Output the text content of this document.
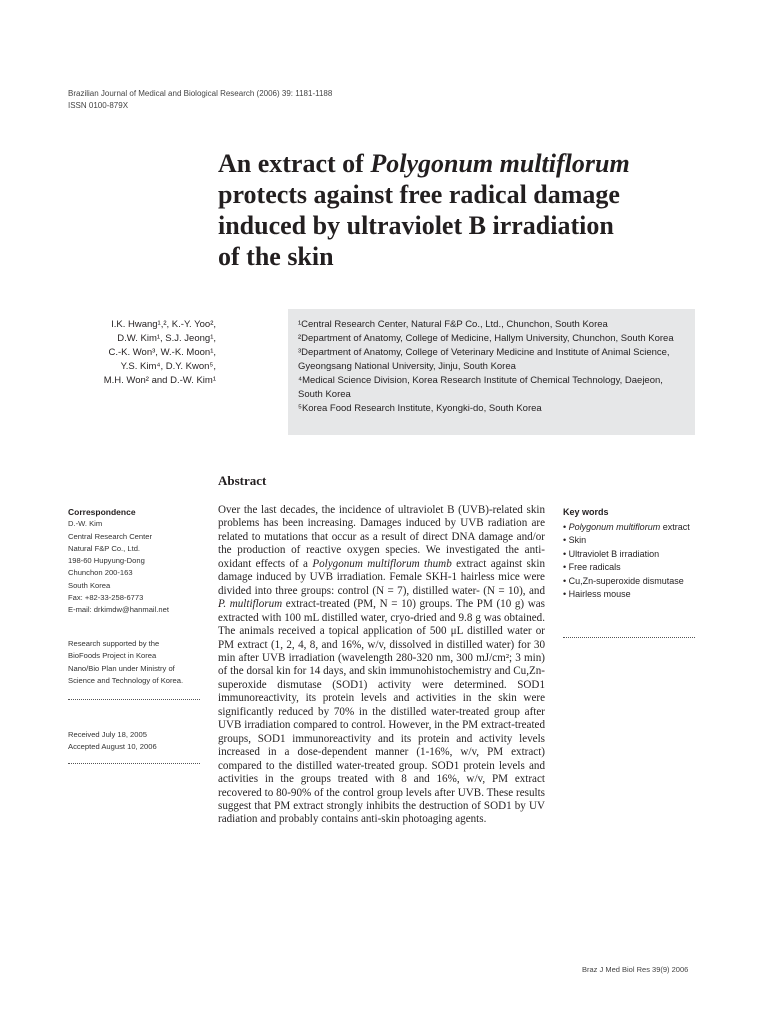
Brazilian Journal of Medical and Biological Research (2006) 39: 1181-1188
ISSN 0100-879X
An extract of Polygonum multiflorum
protects against free radical damage
induced by ultraviolet B irradiation
of the skin
I.K. Hwang¹,², K.-Y. Yoo²,
D.W. Kim¹, S.J. Jeong¹,
C.-K. Won³, W.-K. Moon¹,
Y.S. Kim⁴, D.Y. Kwon⁵,
M.H. Won² and D.-W. Kim¹
¹Central Research Center, Natural F&P Co., Ltd., Chunchon, South Korea
²Department of Anatomy, College of Medicine, Hallym University, Chunchon, South Korea
³Department of Anatomy, College of Veterinary Medicine and Institute of Animal Science, Gyeongsang National University, Jinju, South Korea
⁴Medical Science Division, Korea Research Institute of Chemical Technology, Daejeon, South Korea
⁵Korea Food Research Institute, Kyongki-do, South Korea
Abstract
Over the last decades, the incidence of ultraviolet B (UVB)-related skin problems has been increasing. Damages induced by UVB radiation are related to mutations that occur as a result of direct DNA damage and/or the production of reactive oxygen species. We investigated the anti-oxidant effects of a Polygonum multiflorum thumb extract against skin damage induced by UVB irradiation. Female SKH-1 hairless mice were divided into three groups: control (N = 7), distilled water- (N = 10), and P. multiflorum extract-treated (PM, N = 10) groups. The PM (10 g) was extracted with 100 mL distilled water, cryo-dried and 9.8 g was obtained. The animals received a topical application of 500 μL distilled water or PM extract (1, 2, 4, 8, and 16%, w/v, dissolved in distilled water) for 30 min after UVB irradiation (wavelength 280-320 nm, 300 mJ/cm²; 3 min) of the dorsal kin for 14 days, and skin immunohistochemistry and Cu,Zn-superoxide dismutase (SOD1) activity were determined. SOD1 immunoreactivity, its protein levels and activities in the skin were significantly reduced by 70% in the distilled water-treated group after UVB irradiation compared to control. However, in the PM extract-treated groups, SOD1 immunoreactivity and its protein and activity levels increased in a dose-dependent manner (1-16%, w/v, PM extract) compared to the distilled water-treated group. SOD1 protein levels and activities in the groups treated with 8 and 16%, w/v, PM extract recovered to 80-90% of the control group levels after UVB. These results suggest that PM extract strongly inhibits the destruction of SOD1 by UV radiation and probably contains anti-skin photoaging agents.
Correspondence
D.-W. Kim
Central Research Center
Natural F&P Co., Ltd.
198-60 Hupyung-Dong
Chunchon 200-163
South Korea
Fax: +82-33-258-6773
E-mail: drkimdw@hanmail.net
Research supported by the
BioFoods Project in Korea
Nano/Bio Plan under Ministry of
Science and Technology of Korea.
Received July 18, 2005
Accepted August 10, 2006
Key words
• Polygonum multiflorum extract
• Skin
• Ultraviolet B irradiation
• Free radicals
• Cu,Zn-superoxide dismutase
• Hairless mouse
Braz J Med Biol Res 39(9) 2006
